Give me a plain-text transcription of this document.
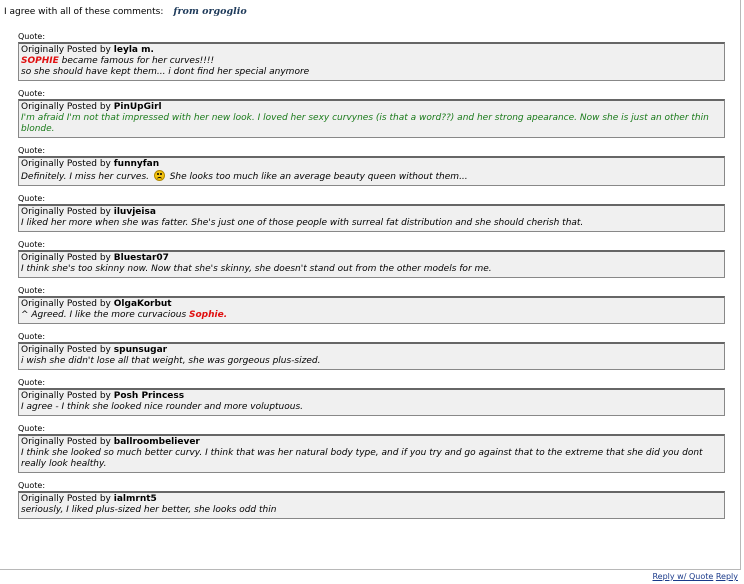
I agree with all of these comments: from orgoglio
Quote:
Originally Posted by leyla m.
SOPHIE became famous for her curves!!!!
so she should have kept them... i dont find her special anymore
Quote:
Originally Posted by PinUpGirl
I'm afraid I'm not that impressed with her new look. I loved her sexy curvynes (is that a word??) and her strong apearance. Now she is just an other thin blonde.
Quote:
Originally Posted by funnyfan
Definitely. I miss her curves.  She looks too much like an average beauty queen without them...
Quote:
Originally Posted by iluvjeisa
I liked her more when she was fatter. She's just one of those people with surreal fat distribution and she should cherish that.
Quote:
Originally Posted by Bluestar07
I think she's too skinny now. Now that she's skinny, she doesn't stand out from the other models for me.
Quote:
Originally Posted by OlgaKorbut
^ Agreed. I like the more curvacious Sophie.
Quote:
Originally Posted by spunsugar
i wish she didn't lose all that weight, she was gorgeous plus-sized.
Quote:
Originally Posted by Posh Princess
I agree - I think she looked nice rounder and more voluptuous.
Quote:
Originally Posted by ballroombeliever
I think she looked so much better curvy. I think that was her natural body type, and if you try and go against that to the extreme that she did you dont really look healthy.
Quote:
Originally Posted by ialmrnt5
seriously, I liked plus-sized her better, she looks odd thin
Reply w/ Quote Reply
